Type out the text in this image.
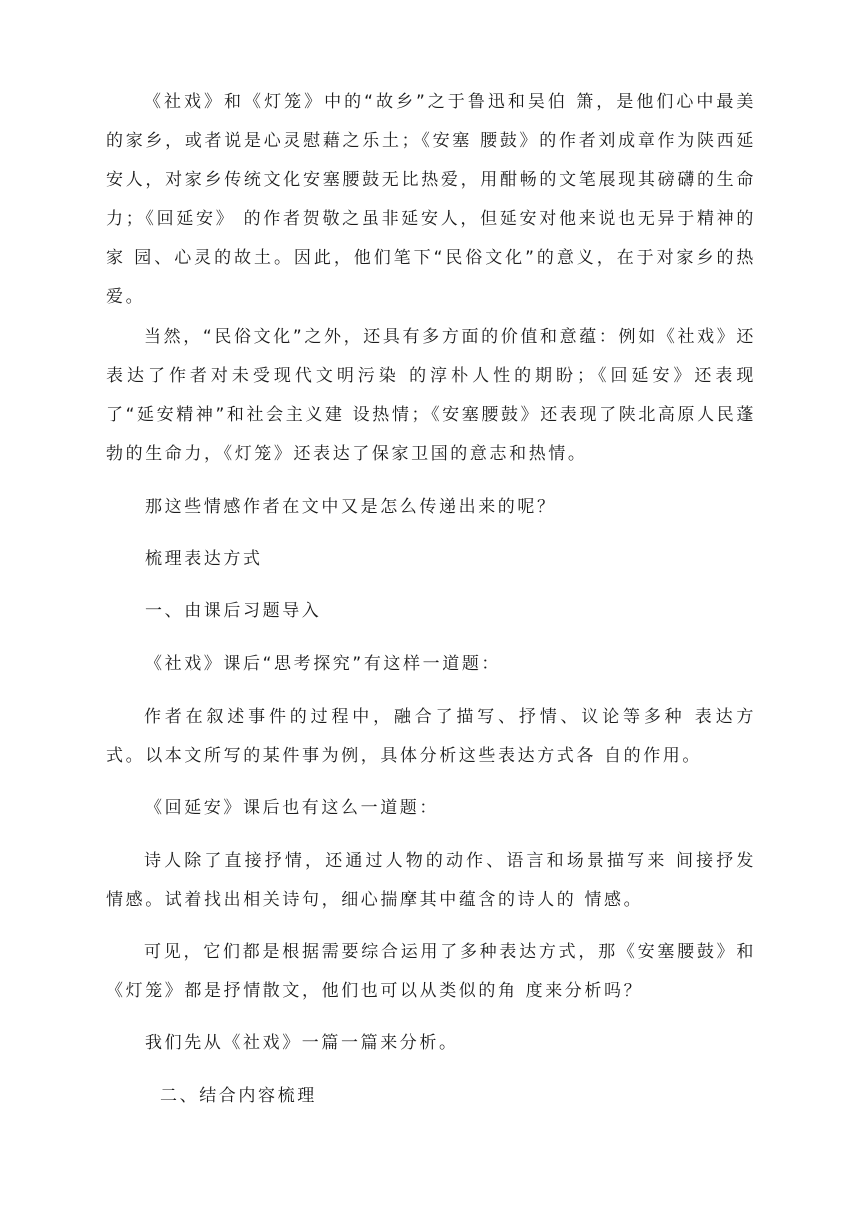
《社戏》和《灯笼》中的“故乡”之于鲁迅和吴伯 箫，是他们心中最美的家乡，或者说是心灵慰藉之乐土；《安塞 腰鼓》的作者刘成章作为陕西延安人，对家乡传统文化安塞腰鼓无比热爱，用酣畅的文笔展现其磅礴的生命力；《回延安》 的作者贺敬之虽非延安人，但延安对他来说也无异于精神的家 园、心灵的故土。因此，他们笔下“民俗文化”的意义，在于对家乡的热爱。

当然，“民俗文化”之外，还具有多方面的价值和意蕴：例如《社戏》还表达了作者对未受现代文明污染 的淳朴人性的期盼；《回延安》还表现了“延安精神”和社会主义建 设热情；《安塞腰鼓》还表现了陕北高原人民蓬勃的生命力，《灯笼》还表达了保家卫国的意志和热情。

那这些情感作者在文中又是怎么传递出来的呢？

梳理表达方式

一、由课后习题导入

《社戏》课后“思考探究”有这样一道题：

作者在叙述事件的过程中，融合了描写、抒情、议论等多种 表达方式。以本文所写的某件事为例，具体分析这些表达方式各 自的作用。

《回延安》课后也有这么一道题：

诗人除了直接抒情，还通过人物的动作、语言和场景描写来 间接抒发情感。试着找出相关诗句，细心揣摩其中蕴含的诗人的 情感。

可见，它们都是根据需要综合运用了多种表达方式，那《安塞腰鼓》和《灯笼》都是抒情散文，他们也可以从类似的角 度来分析吗？

我们先从《社戏》一篇一篇来分析。

二、结合内容梳理
